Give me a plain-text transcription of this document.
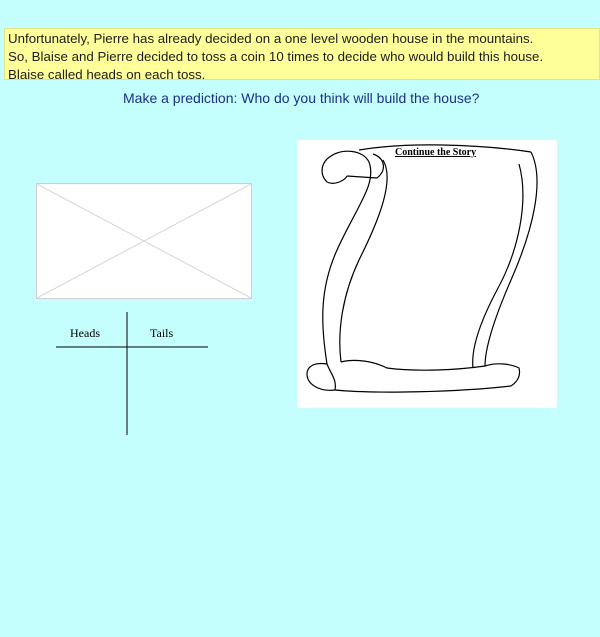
Unfortunately, Pierre has already decided on a one level wooden house in the mountains.
So, Blaise and Pierre decided to toss a coin 10 times to decide who would build this house.
Blaise called heads on each toss.
Make a prediction: Who do you think will build the house?
Heads	Tails
Continue the Story
